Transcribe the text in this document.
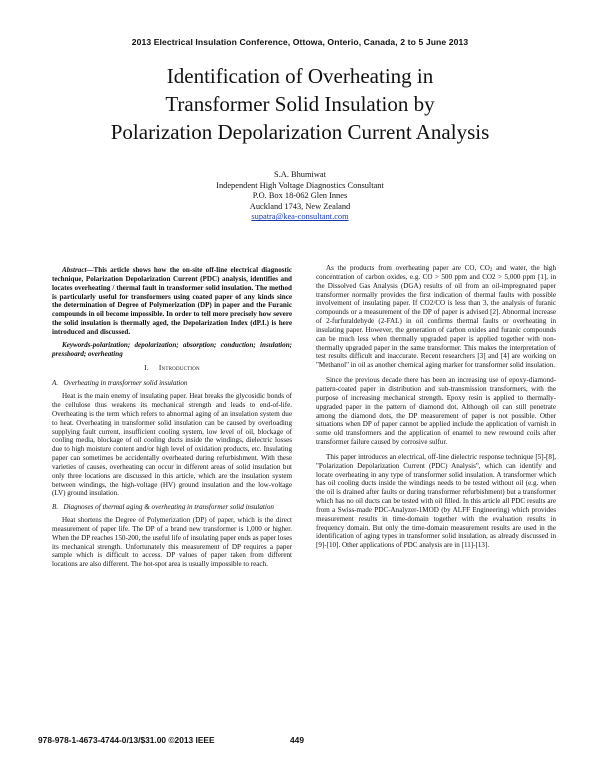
2013 Electrical Insulation Conference, Ottowa, Onterio, Canada, 2 to 5 June 2013
Identification of Overheating in
Transformer Solid Insulation by
Polarization Depolarization Current Analysis
S.A. Bhumiwat
Independent High Voltage Diagnostics Consultant
P.O. Box 18-062 Glen Innes
Auckland 1743, New Zealand
supatra@kea-consultant.com

Abstract—This article shows how the on-site off-line electrical diagnostic technique, Polarization Depolarization Current (PDC) analysis, identifies and locates overheating / thermal fault in transformer solid insulation. The method is particularly useful for transformers using coated paper of any kinds since the determination of Degree of Polymerization (DP) in paper and the Furanic compounds in oil become impossible. In order to tell more precisely how severe the solid insulation is thermally aged, the Depolarization Index (dP.I.) is here introduced and discussed.

Keywords-polarization; depolarization; absorption; conduction; insulation; pressboard; overheating

I. Introduction
A. Overheating in transformer solid insulation

Heat is the main enemy of insulating paper. Heat breaks the glycosidic bonds of the cellulose thus weakens its mechanical strength and leads to end-of-life. Overheating is the term which refers to abnormal aging of an insulation system due to heat. Overheating in transformer solid insulation can be caused by overloading supplying fault current, insufficient cooling system, low level of oil, blockage of cooling media, blockage of oil cooling ducts inside the windings, dielectric losses due to high moisture content and/or high level of oxidation products, etc. Insulating paper can sometimes be accidentally overheated during refurbishment. With these varieties of causes, overheating can occur in different areas of solid insulation but only three locations are discussed in this article, which are the insulation system between windings, the high-voltage (HV) ground insulation and the low-voltage (LV) ground insulation.

B. Diagnoses of thermal aging & overheating in transformer solid insulation

Heat shortens the Degree of Polymerization (DP) of paper, which is the direct measurement of paper life. The DP of a brand new transformer is 1,000 or higher. When the DP reaches 150-200, the useful life of insulating paper ends as paper loses its mechanical strength. Unfortunately this measurement of DP requires a paper sample which is difficult to access. DP values of paper taken from different locations are also different. The hot-spot area is usually impossible to reach.

As the products from overheating paper are CO, $CO_2$ and water, the high concentration of carbon oxides, e.g. CO > 500 ppm and CO2 > 5,000 ppm [1], in the Dissolved Gas Analysis (DGA) results of oil from an oil-impregnated paper transformer normally provides the first indication of thermal faults with possible involvement of insulating paper. If CO2/CO is less than 3, the analysis of furanic compounds or a measurement of the DP of paper is advised [2]. Abnormal increase of 2-furfuraldehyde (2-FAL) in oil confirms thermal faults or overheating in insulating paper. However, the generation of carbon oxides and furanic compounds can be much less when thermally upgraded paper is applied together with non-thermally upgraded paper in the same transformer. This makes the interpretation of test results difficult and inaccurate. Recent researchers [3] and [4] are working on "Methanol" in oil as another chemical aging marker for transformer solid insulation.

Since the previous decade there has been an increasing use of epoxy-diamond-pattern-coated paper in distribution and sub-transmission transformers, with the purpose of increasing mechanical strength. Epoxy resin is applied to thermally-upgraded paper in the pattern of diamond dot. Although oil can still penetrate among the diamond dots, the DP measurement of paper is not possible. Other situations when DP of paper cannot be applied include the application of varnish in some old transformers and the application of enamel to new rewound coils after transformer failure caused by corrosive sulfur.

This paper introduces an electrical, off-line dielectric response technique [5]-[8], "Polarization Depolarization Current (PDC) Analysis", which can identify and locate overheating in any type of transformer solid insulation. A transformer which has oil cooling ducts inside the windings needs to be tested without oil (e.g. when the oil is drained after faults or during transformer refurbishment) but a transformer which has no oil ducts can be tested with oil filled. In this article all PDC results are from a Swiss-made PDC-Analyzer-1MOD (by ALFF Engineering) which provides measurement results in time-domain together with the evaluation results in frequency domain. But only the time-domain measurement results are used in the identification of aging types in transformer solid insulation, as already discussed in [9]-[10]. Other applications of PDC analysis are in [11]-[13].

978-978-1-4673-4744-0/13/$31.00 ©2013 IEEE	449
